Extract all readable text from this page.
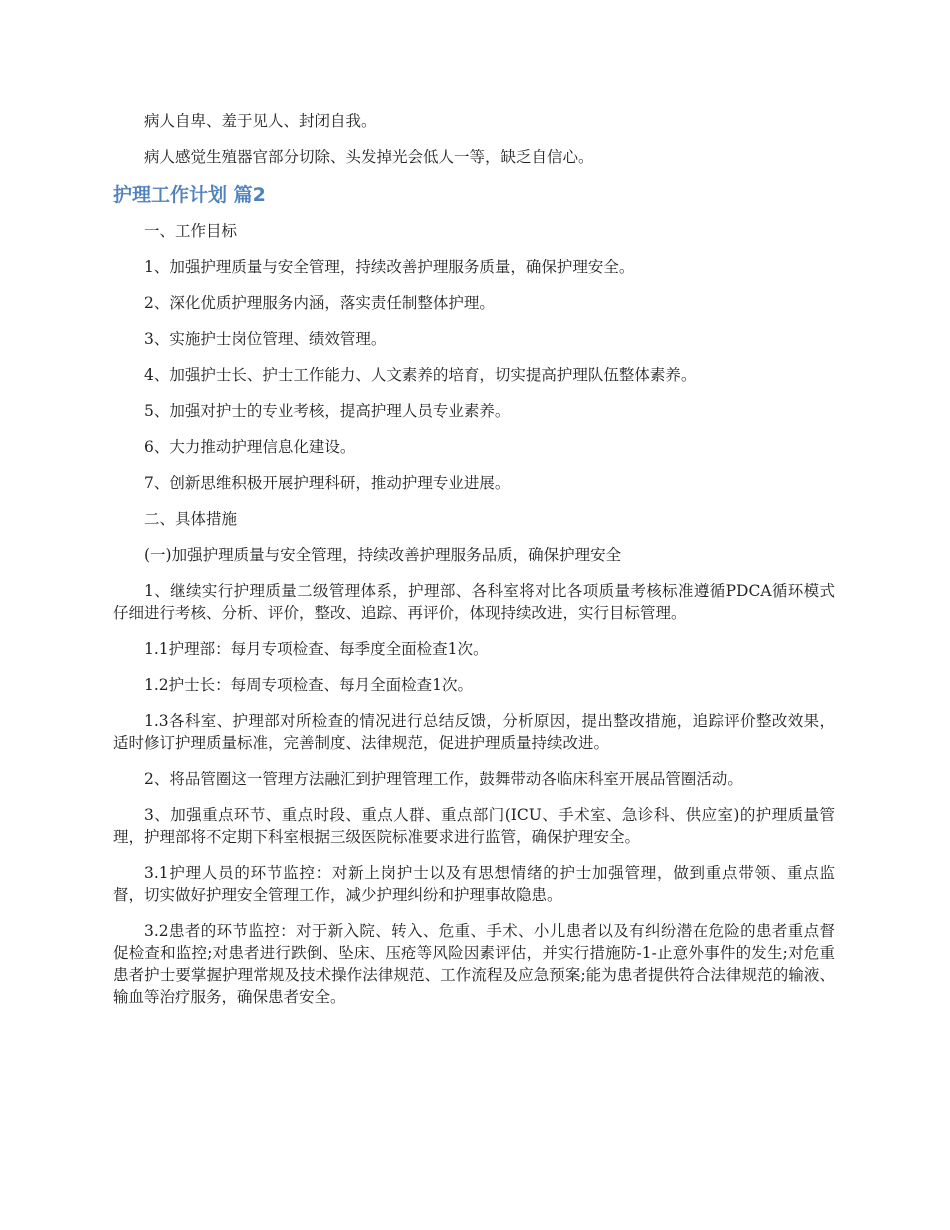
病人自卑、羞于见人、封闭自我。

病人感觉生殖器官部分切除、头发掉光会低人一等，缺乏自信心。

护理工作计划 篇2

一、工作目标

1、加强护理质量与安全管理，持续改善护理服务质量，确保护理安全。

2、深化优质护理服务内涵，落实责任制整体护理。

3、实施护士岗位管理、绩效管理。

4、加强护士长、护士工作能力、人文素养的培育，切实提高护理队伍整体素养。

5、加强对护士的专业考核，提高护理人员专业素养。

6、大力推动护理信息化建设。

7、创新思维积极开展护理科研，推动护理专业进展。

二、具体措施

(一)加强护理质量与安全管理，持续改善护理服务品质，确保护理安全

1、继续实行护理质量二级管理体系，护理部、各科室将对比各项质量考核标准遵循PDCA循环模式仔细进行考核、分析、评价，整改、追踪、再评价，体现持续改进，实行目标管理。

1.1护理部：每月专项检查、每季度全面检查1次。

1.2护士长：每周专项检查、每月全面检查1次。

1.3各科室、护理部对所检查的情况进行总结反馈，分析原因，提出整改措施，追踪评价整改效果，适时修订护理质量标准，完善制度、法律规范，促进护理质量持续改进。

2、将品管圈这一管理方法融汇到护理管理工作，鼓舞带动各临床科室开展品管圈活动。

3、加强重点环节、重点时段、重点人群、重点部门(ICU、手术室、急诊科、供应室)的护理质量管理，护理部将不定期下科室根据三级医院标准要求进行监管，确保护理安全。

3.1护理人员的环节监控：对新上岗护士以及有思想情绪的护士加强管理，做到重点带领、重点监督，切实做好护理安全管理工作，减少护理纠纷和护理事故隐患。

3.2患者的环节监控：对于新入院、转入、危重、手术、小儿患者以及有纠纷潜在危险的患者重点督促检查和监控;对患者进行跌倒、坠床、压疮等风险因素评估，并实行措施防-1-止意外事件的发生;对危重患者护士要掌握护理常规及技术操作法律规范、工作流程及应急预案;能为患者提供符合法律规范的输液、输血等治疗服务，确保患者安全。
